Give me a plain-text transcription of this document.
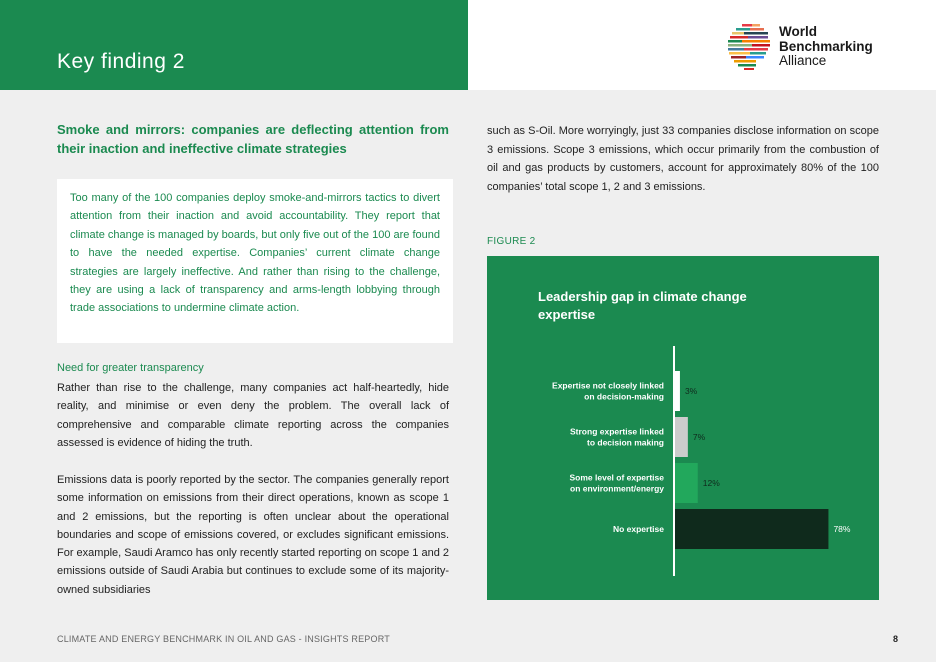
Key finding 2
World
Benchmarking
Alliance

Smoke and mirrors: companies are deflecting attention from their inaction and ineffective climate strategies

Too many of the 100 companies deploy smoke-and-mirrors tactics to divert attention from their inaction and avoid accountability. They report that climate change is managed by boards, but only five out of the 100 are found to have the needed expertise. Companies’ current climate change strategies are largely ineffective. And rather than rising to the challenge, they are using a lack of transparency and arms-length lobbying through trade associations to undermine climate action.

Need for greater transparency

Rather than rise to the challenge, many companies act half-heartedly, hide reality, and minimise or even deny the problem. The overall lack of comprehensive and comparable climate reporting across the companies assessed is evidence of hiding the truth.

Emissions data is poorly reported by the sector. The companies generally report some information on emissions from their direct operations, known as scope 1 and 2 emissions, but the reporting is often unclear about the operational boundaries and scope of emissions covered, or excludes significant emissions. For example, Saudi Aramco has only recently started reporting on scope 1 and 2 emissions outside of Saudi Arabia but continues to exclude some of its majority-owned subsidiaries

such as S-Oil. More worryingly, just 33 companies disclose information on scope 3 emissions. Scope 3 emissions, which occur primarily from the combustion of oil and gas products by customers, account for approximately 80% of the 100 companies’ total scope 1, 2 and 3 emissions.

FIGURE 2
Leadership gap in climate change expertise
3%
Expertise not closely linked
on decision-making
7%
Strong expertise linked
to decision making
12%
Some level of expertise
on environment/energy
78%
No expertise
CLIMATE AND ENERGY BENCHMARK IN OIL AND GAS - INSIGHTS REPORT	8
